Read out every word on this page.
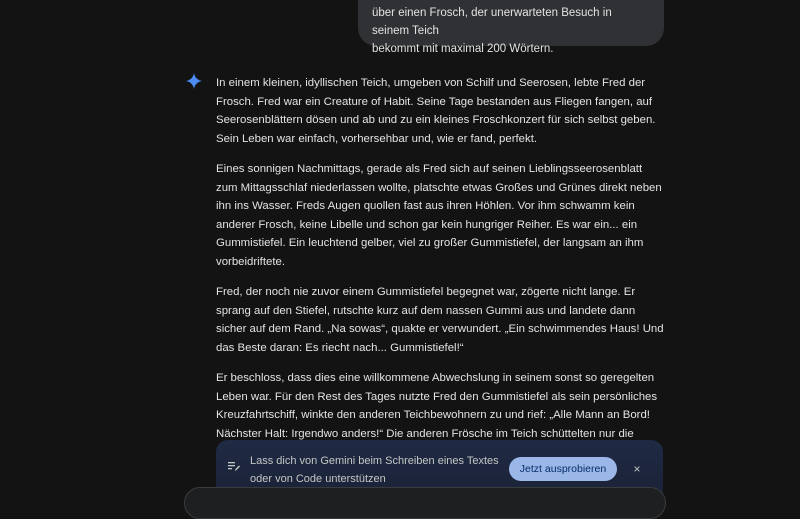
über einen Frosch, der unerwarteten Besuch in seinem Teich
bekommt mit maximal 200 Wörtern.

In einem kleinen, idyllischen Teich, umgeben von Schilf und Seerosen, lebte Fred der Frosch. Fred war ein Creature of Habit. Seine Tage bestanden aus Fliegen fangen, auf Seerosenblättern dösen und ab und zu ein kleines Froschkonzert für sich selbst geben. Sein Leben war einfach, vorhersehbar und, wie er fand, perfekt.

Eines sonnigen Nachmittags, gerade als Fred sich auf seinen Lieblingsseerosenblatt zum Mittagsschlaf niederlassen wollte, platschte etwas Großes und Grünes direkt neben ihn ins Wasser. Freds Augen quollen fast aus ihren Höhlen. Vor ihm schwamm kein anderer Frosch, keine Libelle und schon gar kein hungriger Reiher. Es war ein... ein Gummistiefel. Ein leuchtend gelber, viel zu großer Gummistiefel, der langsam an ihm vorbeidriftete.

Fred, der noch nie zuvor einem Gummistiefel begegnet war, zögerte nicht lange. Er sprang auf den Stiefel, rutschte kurz auf dem nassen Gummi aus und landete dann sicher auf dem Rand. „Na sowas“, quakte er verwundert. „Ein schwimmendes Haus! Und das Beste daran: Es riecht nach... Gummistiefel!“

Er beschloss, dass dies eine willkommene Abwechslung in seinem sonst so geregelten Leben war. Für den Rest des Tages nutzte Fred den Gummistiefel als sein persönliches Kreuzfahrtschiff, winkte den anderen Teichbewohnern zu und rief: „Alle Mann an Bord! Nächster Halt: Irgendwo anders!“ Die anderen Frösche im Teich schüttelten nur die

Lass dich von Gemini beim Schreiben eines Textes oder von Code unterstützen
Jetzt ausprobieren	×
